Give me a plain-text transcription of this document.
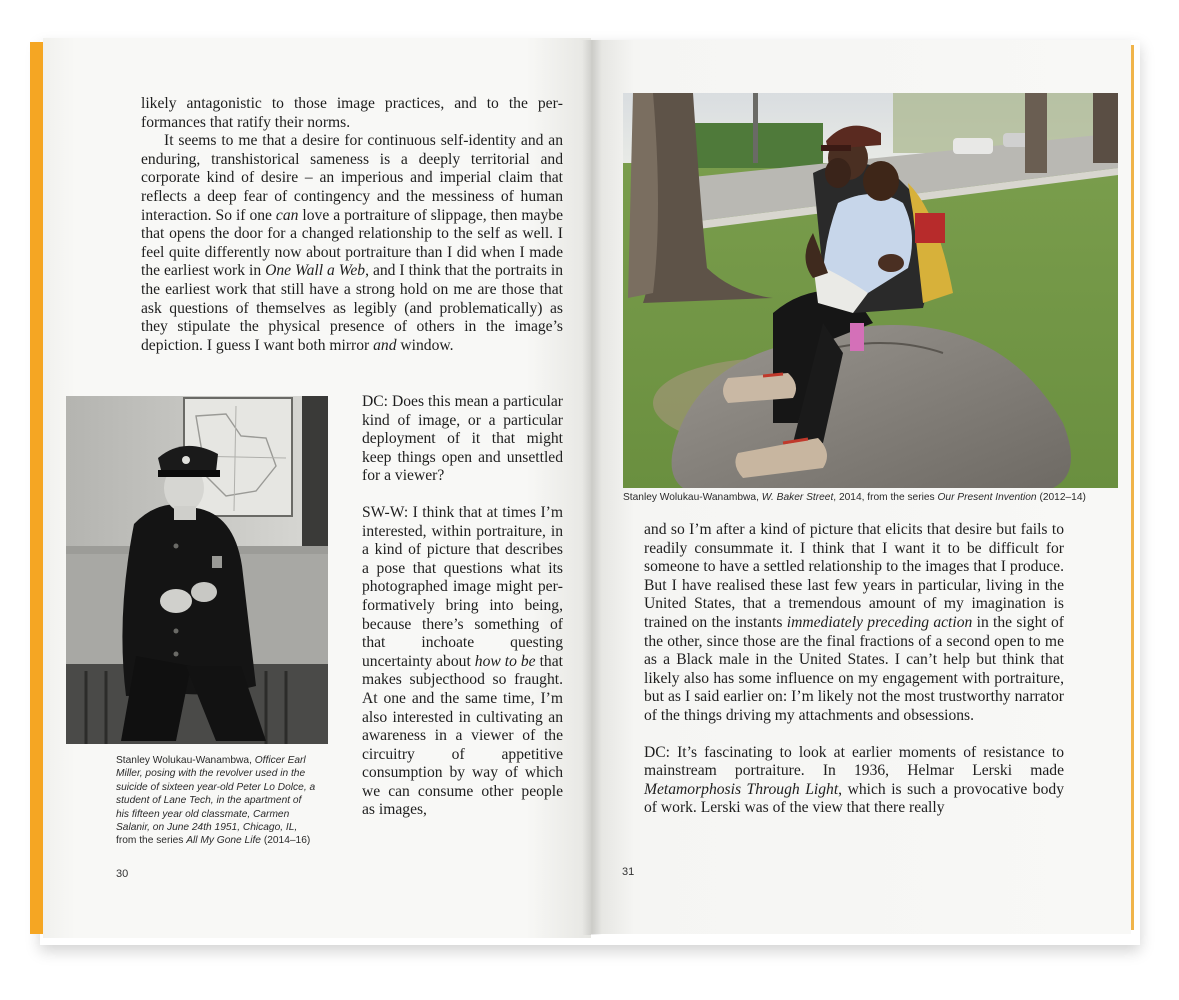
likely antagonistic to those image practices, and to the performances that ratify their norms.

It seems to me that a desire for continuous self-identity and an enduring, transhistorical sameness is a deeply territorial and corporate kind of desire – an imperious and imperial claim that reflects a deep fear of contingency and the messiness of human interaction. So if one can love a portraiture of slippage, then maybe that opens the door for a changed relationship to the self as well. I feel quite differently now about portraiture than I did when I made the earliest work in One Wall a Web, and I think that the portraits in the earliest work that still have a strong hold on me are those that ask questions of themselves as legibly (and problematically) as they stipulate the physical presence of others in the image’s depiction. I guess I want both mirror and window.

Stanley Wolukau-Wanambwa, Officer Earl Miller, posing with the revolver used in the suicide of sixteen year-old Peter Lo Dolce, a student of Lane Tech, in the apartment of his fifteen year old classmate, Carmen Salanir, on June 24th 1951, Chicago, IL, from the series All My Gone Life (2014–16)

DC: Does this mean a particular kind of image, or a particular deployment of it that might keep things open and unsettled for a viewer?

SW-W: I think that at times I’m interested, within portraiture, in a kind of picture that describes a pose that questions what its photographed image might performatively bring into being, because there’s something of that inchoate questing uncertainty about how to be that makes subjecthood so fraught. At one and the same time, I’m also interested in cultivating an awareness in a viewer of the circuitry of appetitive consumption by way of which we can consume other people as images,

30
Stanley Wolukau-Wanambwa, W. Baker Street, 2014, from the series Our Present Invention (2012–14)

and so I’m after a kind of picture that elicits that desire but fails to readily consummate it. I think that I want it to be difficult for someone to have a settled relationship to the images that I produce. But I have realised these last few years in particular, living in the United States, that a tremendous amount of my imagination is trained on the instants immediately preceding action in the sight of the other, since those are the final fractions of a second open to me as a Black male in the United States. I can’t help but think that likely also has some influence on my engagement with portraiture, but as I said earlier on: I’m likely not the most trustworthy narrator of the things driving my attachments and obsessions.

DC: It’s fascinating to look at earlier moments of resistance to mainstream portraiture. In 1936, Helmar Lerski made Metamorphosis Through Light, which is such a provocative body of work. Lerski was of the view that there really

31
